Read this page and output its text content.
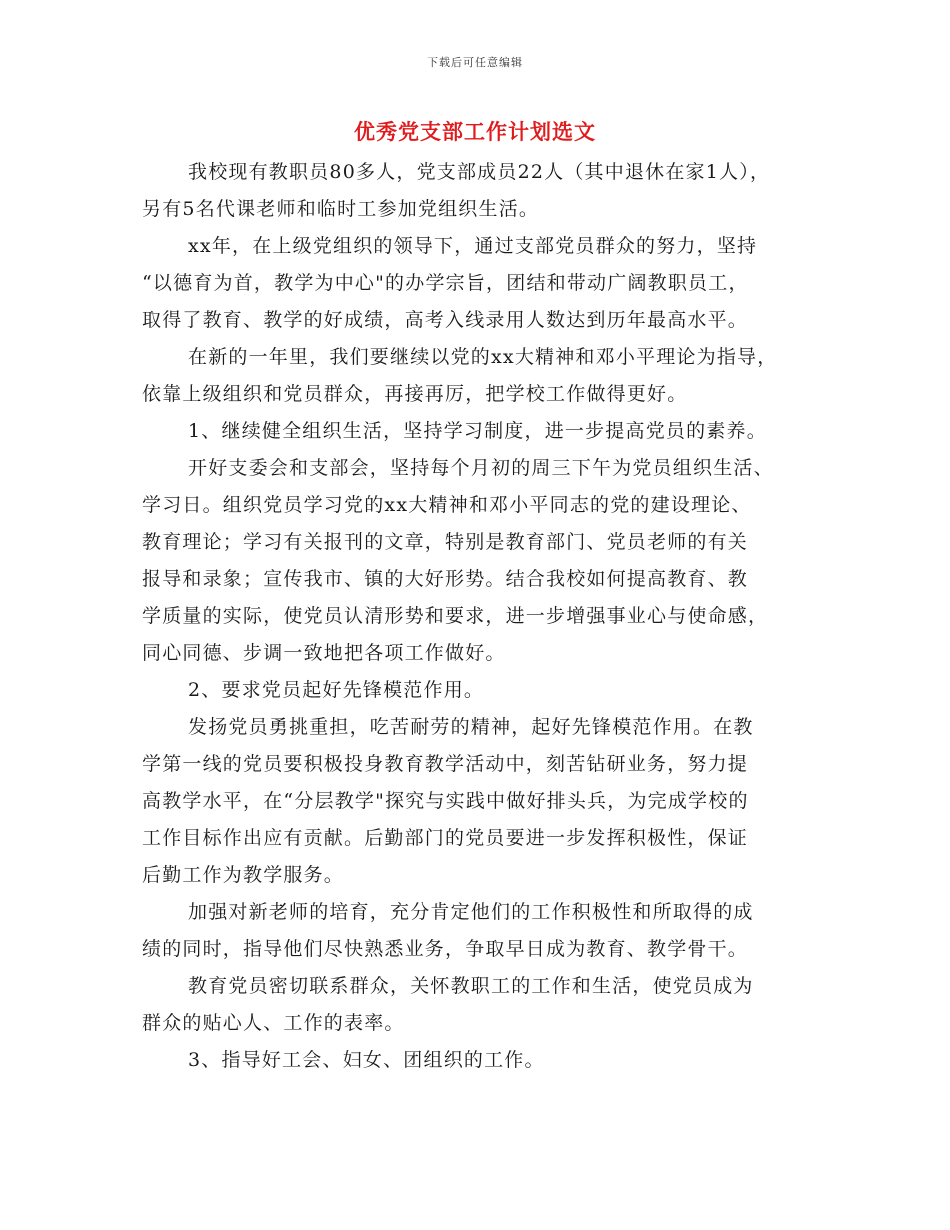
下载后可任意编辑
优秀党支部工作计划选文
我校现有教职员80多人，党支部成员22人（其中退休在家1人），
另有5名代课老师和临时工参加党组织生活。
xx年，在上级党组织的领导下，通过支部党员群众的努力，坚持
“以德育为首，教学为中心"的办学宗旨，团结和带动广阔教职员工，
取得了教育、教学的好成绩，高考入线录用人数达到历年最高水平。
在新的一年里，我们要继续以党的xx大精神和邓小平理论为指导，
依靠上级组织和党员群众，再接再厉，把学校工作做得更好。
1、继续健全组织生活，坚持学习制度，进一步提高党员的素养。
开好支委会和支部会，坚持每个月初的周三下午为党员组织生活、
学习日。组织党员学习党的xx大精神和邓小平同志的党的建设理论、
教育理论；学习有关报刊的文章，特别是教育部门、党员老师的有关
报导和录象；宣传我市、镇的大好形势。结合我校如何提高教育、教
学质量的实际，使党员认清形势和要求，进一步增强事业心与使命感，
同心同德、步调一致地把各项工作做好。
2、要求党员起好先锋模范作用。
发扬党员勇挑重担，吃苦耐劳的精神，起好先锋模范作用。在教
学第一线的党员要积极投身教育教学活动中，刻苦钻研业务，努力提
高教学水平，在“分层教学"探究与实践中做好排头兵，为完成学校的
工作目标作出应有贡献。后勤部门的党员要进一步发挥积极性，保证
后勤工作为教学服务。
加强对新老师的培育，充分肯定他们的工作积极性和所取得的成
绩的同时，指导他们尽快熟悉业务，争取早日成为教育、教学骨干。
教育党员密切联系群众，关怀教职工的工作和生活，使党员成为
群众的贴心人、工作的表率。
3、指导好工会、妇女、团组织的工作。
